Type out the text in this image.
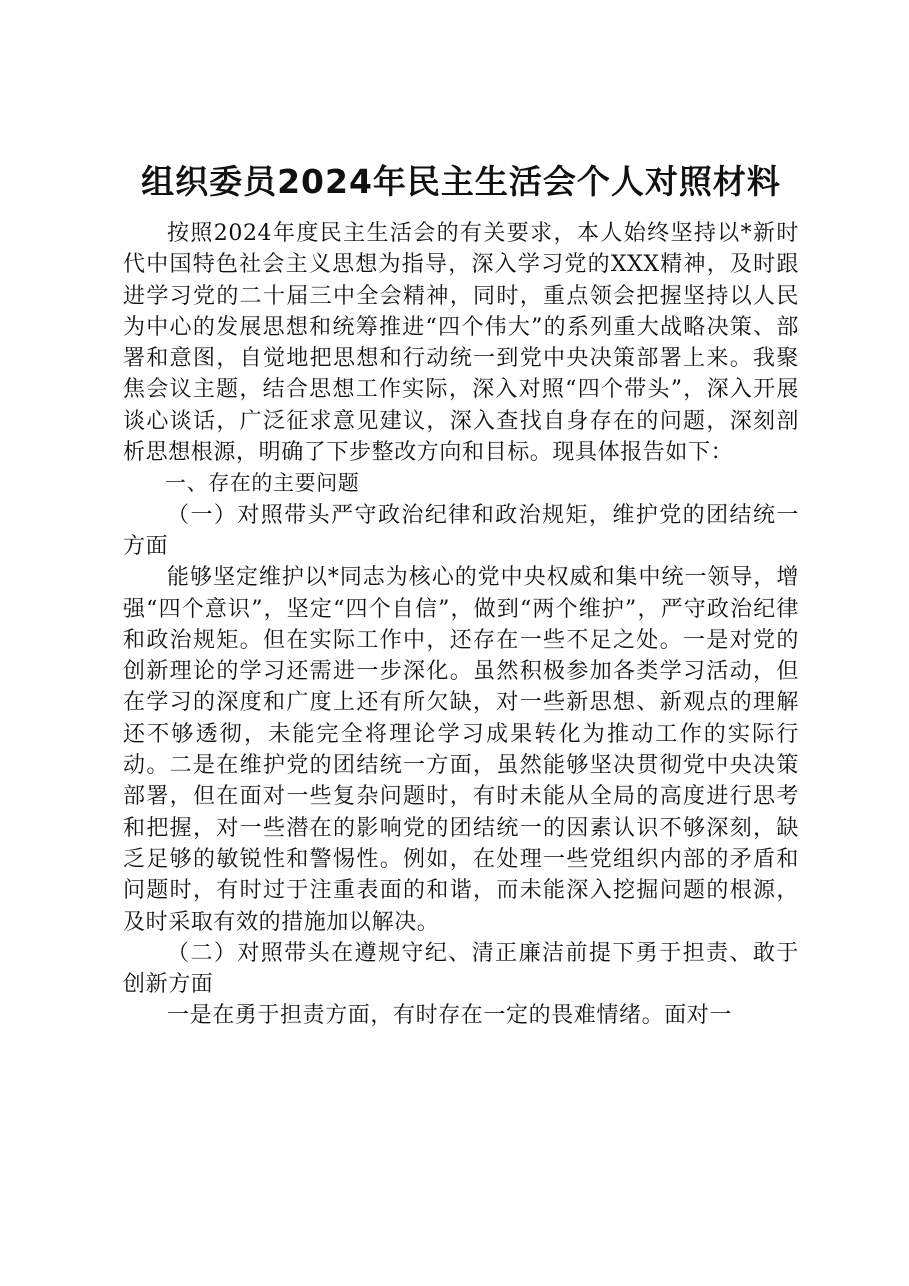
组织委员2024年民主生活会个人对照材料

按照2024年度民主生活会的有关要求，本人始终坚持以*新时代中国特色社会主义思想为指导，深入学习党的XXX精神，及时跟进学习党的二十届三中全会精神，同时，重点领会把握坚持以人民为中心的发展思想和统筹推进“四个伟大”的系列重大战略决策、部署和意图，自觉地把思想和行动统一到党中央决策部署上来。我聚焦会议主题，结合思想工作实际，深入对照“四个带头”，深入开展谈心谈话，广泛征求意见建议，深入查找自身存在的问题，深刻剖析思想根源，明确了下步整改方向和目标。现具体报告如下：

一、存在的主要问题

（一）对照带头严守政治纪律和政治规矩，维护党的团结统一方面

能够坚定维护以*同志为核心的党中央权威和集中统一领导，增强“四个意识”，坚定“四个自信”，做到“两个维护”，严守政治纪律和政治规矩。但在实际工作中，还存在一些不足之处。一是对党的创新理论的学习还需进一步深化。虽然积极参加各类学习活动，但在学习的深度和广度上还有所欠缺，对一些新思想、新观点的理解还不够透彻，未能完全将理论学习成果转化为推动工作的实际行动。二是在维护党的团结统一方面，虽然能够坚决贯彻党中央决策部署，但在面对一些复杂问题时，有时未能从全局的高度进行思考和把握，对一些潜在的影响党的团结统一的因素认识不够深刻，缺乏足够的敏锐性和警惕性。例如，在处理一些党组织内部的矛盾和问题时，有时过于注重表面的和谐，而未能深入挖掘问题的根源，及时采取有效的措施加以解决。

（二）对照带头在遵规守纪、清正廉洁前提下勇于担责、敢于创新方面

一是在勇于担责方面，有时存在一定的畏难情绪。面对一
